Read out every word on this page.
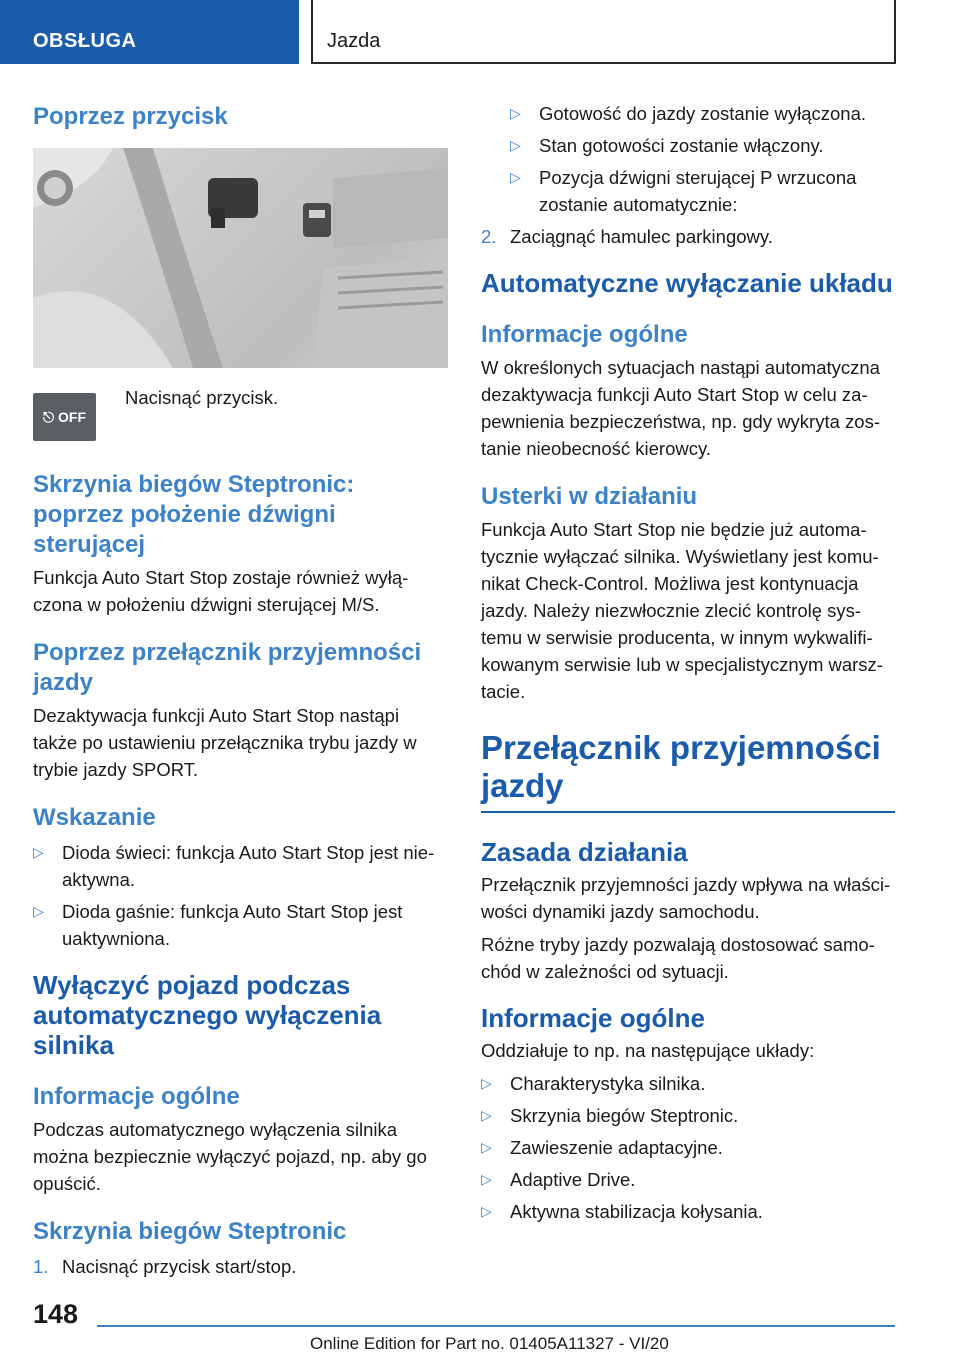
OBSŁUGA	Jazda
Poprzez przycisk
⎋ OFF

Nacisnąć przycisk.

Skrzynia biegów Steptronic: poprzez położenie dźwigni sterującej

Funkcja Auto Start Stop zostaje również wyłą-czona w położeniu dźwigni sterującej M/S.

Poprzez przełącznik przyjemności jazdy

Dezaktywacja funkcji Auto Start Stop nastąpi także po ustawieniu przełącznika trybu jazdy w trybie jazdy SPORT.

Wskazanie
▷ Dioda świeci: funkcja Auto Start Stop jest nie-aktywna.
▷ Dioda gaśnie: funkcja Auto Start Stop jest uaktywniona.
Wyłączyć pojazd podczas automatycznego wyłączenia silnika
Informacje ogólne

Podczas automatycznego wyłączenia silnika można bezpiecznie wyłączyć pojazd, np. aby go opuścić.

Skrzynia biegów Steptronic
1. Nacisnąć przycisk start/stop.
▷ Gotowość do jazdy zostanie wyłączona.
▷ Stan gotowości zostanie włączony.
▷ Pozycja dźwigni sterującej P wrzucona zostanie automatycznie:
2. Zaciągnąć hamulec parkingowy.
Automatyczne wyłączanie układu
Informacje ogólne

W określonych sytuacjach nastąpi automatyczna dezaktywacja funkcji Auto Start Stop w celu za-pewnienia bezpieczeństwa, np. gdy wykryta zos-tanie nieobecność kierowcy.

Usterki w działaniu

Funkcja Auto Start Stop nie będzie już automa-tycznie wyłączać silnika. Wyświetlany jest komu-nikat Check-Control. Możliwa jest kontynuacja jazdy. Należy niezwłocznie zlecić kontrolę sys-temu w serwisie producenta, w innym wykwalifi-kowanym serwisie lub w specjalistycznym warsz-tacie.

Przełącznik przyjemności jazdy
Zasada działania

Przełącznik przyjemności jazdy wpływa na właści-wości dynamiki jazdy samochodu.

Różne tryby jazdy pozwalają dostosować samo-chód w zależności od sytuacji.

Informacje ogólne

Oddziałuje to np. na następujące układy:

▷ Charakterystyka silnika.
▷ Skrzynia biegów Steptronic.
▷ Zawieszenie adaptacyjne.
▷ Adaptive Drive.
▷ Aktywna stabilizacja kołysania.
148
Online Edition for Part no. 01405A11327 - VI/20
